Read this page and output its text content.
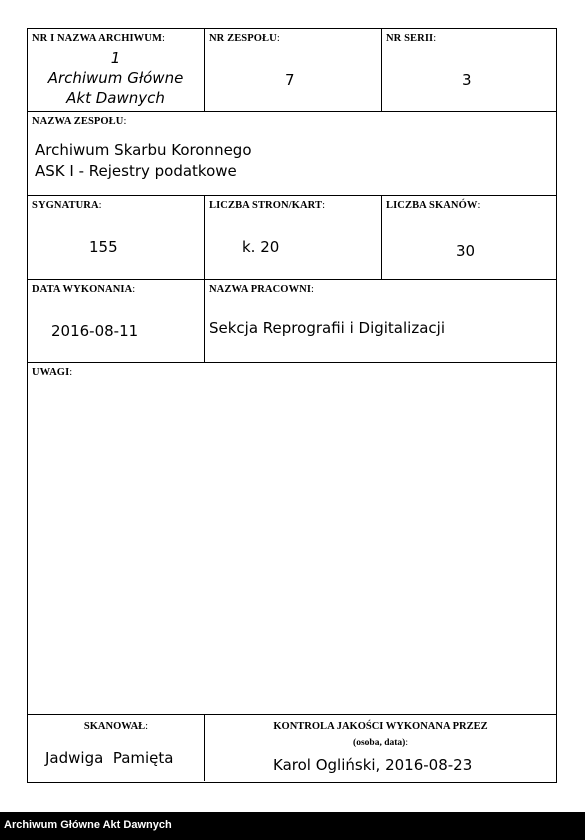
NR I NAZWA ARCHIWUM:
1
Archiwum Główne
Akt Dawnych
NR ZESPOŁU:
7
NR SERII:
3
NAZWA ZESPOŁU:
Archiwum Skarbu Koronnego
ASK I - Rejestry podatkowe
SYGNATURA:
155
LICZBA STRON/KART:
k. 20
LICZBA SKANÓW:
30
DATA WYKONANIA:
2016-08-11
NAZWA PRACOWNI:
Sekcja Reprografii i Digitalizacji
UWAGI:
SKANOWAŁ:
Jadwiga  Pamięta
KONTROLA JAKOŚCI WYKONANA PRZEZ
(osoba, data):
Karol Ogliński, 2016-08-23
Archiwum Główne Akt Dawnych
